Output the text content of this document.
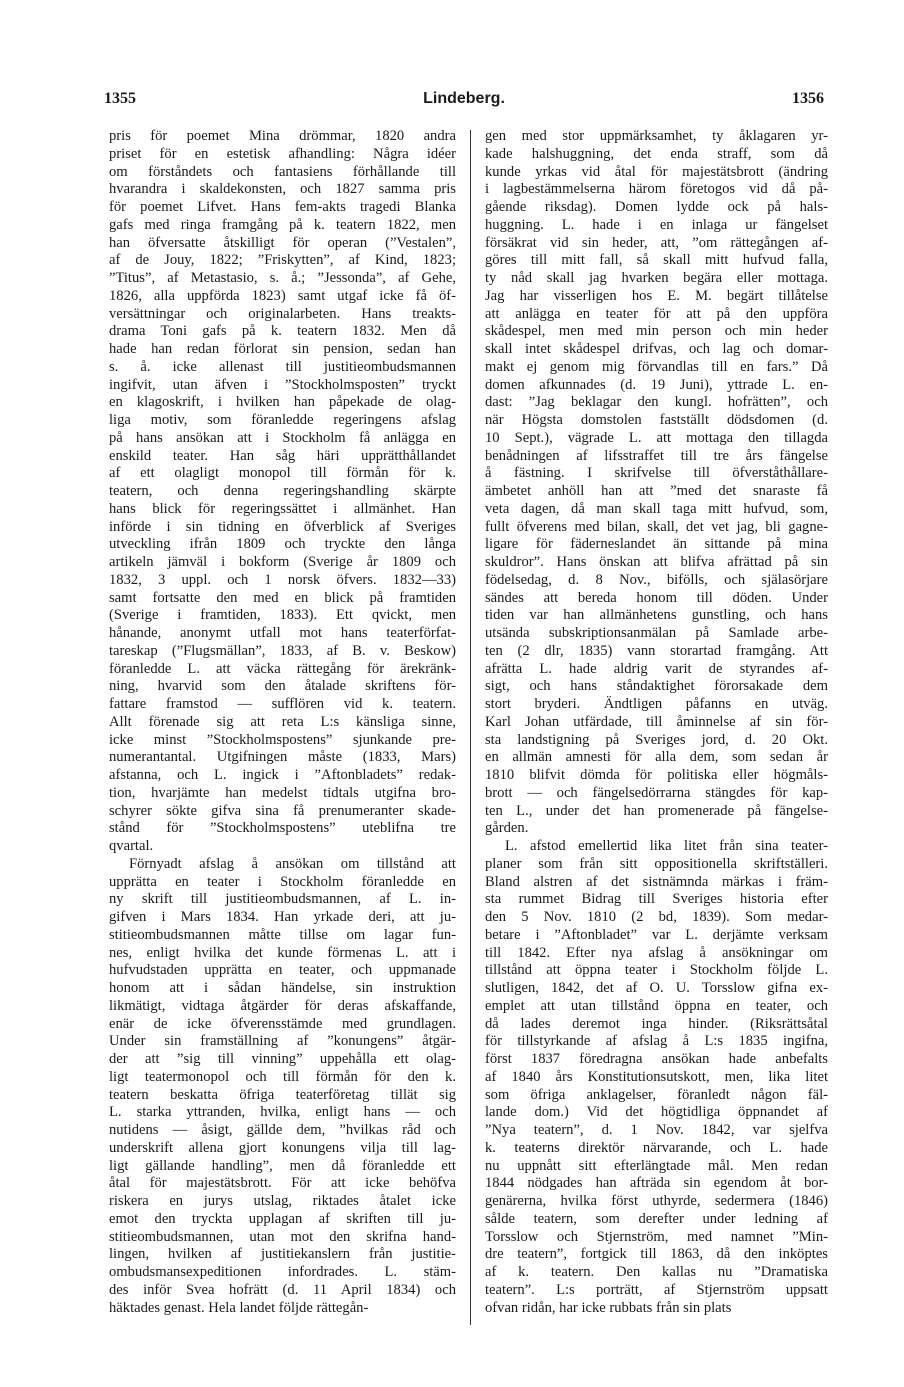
1355	Lindeberg.	1356
pris för poemet Mina drömmar, 1820 andra
priset för en estetisk afhandling: Några idéer
om förståndets och fantasiens förhållande till
hvarandra i skaldekonsten, och 1827 samma pris
för poemet Lifvet. Hans fem-akts tragedi Blanka
gafs med ringa framgång på k. teatern 1822, men
han öfversatte åtskilligt för operan (”Vestalen”,
af de Jouy, 1822; ”Friskytten”, af Kind, 1823;
”Titus”, af Metastasio, s. å.; ”Jessonda”, af Gehe,
1826, alla uppförda 1823) samt utgaf icke få öf-
versättningar och originalarbeten. Hans treakts-
drama Toni gafs på k. teatern 1832. Men då
hade han redan förlorat sin pension, sedan han
s. å. icke allenast till justitieombudsmannen
ingifvit, utan äfven i ”Stockholmsposten” tryckt
en klagoskrift, i hvilken han påpekade de olag-
liga motiv, som föranledde regeringens afslag
på hans ansökan att i Stockholm få anlägga en
enskild teater. Han såg häri upprätthållandet
af ett olagligt monopol till förmån för k.
teatern, och denna regeringshandling skärpte
hans blick för regeringssättet i allmänhet. Han
införde i sin tidning en öfverblick af Sveriges
utveckling ifrån 1809 och tryckte den långa
artikeln jämväl i bokform (Sverige år 1809 och
1832, 3 uppl. och 1 norsk öfvers. 1832—33)
samt fortsatte den med en blick på framtiden
(Sverige i framtiden, 1833). Ett qvickt, men
hånande, anonymt utfall mot hans teaterförfat-
tareskap (”Flugsmällan”, 1833, af B. v. Beskow)
föranledde L. att väcka rättegång för ärekränk-
ning, hvarvid som den åtalade skriftens för-
fattare framstod — sufflören vid k. teatern.
Allt förenade sig att reta L:s känsliga sinne,
icke minst ”Stockholmspostens” sjunkande pre-
numerantantal. Utgifningen måste (1833, Mars)
afstanna, och L. ingick i ”Aftonbladets” redak-
tion, hvarjämte han medelst tidtals utgifna bro-
schyrer sökte gifva sina få prenumeranter skade-
stånd för ”Stockholmspostens” uteblifna tre
qvartal.
Förnyadt afslag å ansökan om tillstånd att
upprätta en teater i Stockholm föranledde en
ny skrift till justitieombudsmannen, af L. in-
gifven i Mars 1834. Han yrkade deri, att ju-
stitieombudsmannen måtte tillse om lagar fun-
nes, enligt hvilka det kunde förmenas L. att i
hufvudstaden upprätta en teater, och uppmanade
honom att i sådan händelse, sin instruktion
likmätigt, vidtaga åtgärder för deras afskaffande,
enär de icke öfverensstämde med grundlagen.
Under sin framställning af ”konungens” åtgär-
der att ”sig till vinning” uppehålla ett olag-
ligt teatermonopol och till förmån för den k.
teatern beskatta öfriga teaterföretag tillät sig
L. starka yttranden, hvilka, enligt hans — och
nutidens — åsigt, gällde dem, ”hvilkas råd och
underskrift allena gjort konungens vilja till lag-
ligt gällande handling”, men då föranledde ett
åtal för majestätsbrott. För att icke behöfva
riskera en jurys utslag, riktades åtalet icke
emot den tryckta upplagan af skriften till ju-
stitieombudsmannen, utan mot den skrifna hand-
lingen, hvilken af justitiekanslern från justitie-
ombudsmansexpeditionen infordrades. L. stäm-
des inför Svea hofrätt (d. 11 April 1834) och
häktades genast. Hela landet följde rättegån-
gen med stor uppmärksamhet, ty åklagaren yr-
kade halshuggning, det enda straff, som då
kunde yrkas vid åtal för majestätsbrott (ändring
i lagbestämmelserna härom företogos vid då på-
gående riksdag). Domen lydde ock på hals-
huggning. L. hade i en inlaga ur fängelset
försäkrat vid sin heder, att, ”om rättegången af-
göres till mitt fall, så skall mitt hufvud falla,
ty nåd skall jag hvarken begära eller mottaga.
Jag har visserligen hos E. M. begärt tillåtelse
att anlägga en teater för att på den uppföra
skådespel, men med min person och min heder
skall intet skådespel drifvas, och lag och domar-
makt ej genom mig förvandlas till en fars.” Då
domen afkunnades (d. 19 Juni), yttrade L. en-
dast: ”Jag beklagar den kungl. hofrätten”, och
när Högsta domstolen fastställt dödsdomen (d.
10 Sept.), vägrade L. att mottaga den tillagda
benådningen af lifsstraffet till tre års fängelse
å fästning. I skrifvelse till öfverståthållare-
ämbetet anhöll han att ”med det snaraste få
veta dagen, då man skall taga mitt hufvud, som,
fullt öfverens med bilan, skall, det vet jag, bli gagne-
ligare för fäderneslandet än sittande på mina
skuldror”. Hans önskan att blifva afrättad på sin
födelsedag, d. 8 Nov., bifölls, och själasörjare
sändes att bereda honom till döden. Under
tiden var han allmänhetens gunstling, och hans
utsända subskriptionsanmälan på Samlade arbe-
ten (2 dlr, 1835) vann storartad framgång. Att
afrätta L. hade aldrig varit de styrandes af-
sigt, och hans ståndaktighet förorsakade dem
stort bryderi. Ändtligen påfanns en utväg.
Karl Johan utfärdade, till åminnelse af sin för-
sta landstigning på Sveriges jord, d. 20 Okt.
en allmän amnesti för alla dem, som sedan år
1810 blifvit dömda för politiska eller högmåls-
brott — och fängelsedörrarna stängdes för kap-
ten L., under det han promenerade på fängelse-
gården.
L. afstod emellertid lika litet från sina teater-
planer som från sitt oppositionella skriftställeri.
Bland alstren af det sistnämnda märkas i främ-
sta rummet Bidrag till Sveriges historia efter
den 5 Nov. 1810 (2 bd, 1839). Som medar-
betare i ”Aftonbladet” var L. derjämte verksam
till 1842. Efter nya afslag å ansökningar om
tillstånd att öppna teater i Stockholm följde L.
slutligen, 1842, det af O. U. Torsslow gifna ex-
emplet att utan tillstånd öppna en teater, och
då lades deremot inga hinder. (Riksrättsåtal
för tillstyrkande af afslag å L:s 1835 ingifna,
först 1837 föredragna ansökan hade anbefalts
af 1840 års Konstitutionsutskott, men, lika litet
som öfriga anklagelser, föranledt någon fäl-
lande dom.) Vid det högtidliga öppnandet af
”Nya teatern”, d. 1 Nov. 1842, var sjelfva
k. teaterns direktör närvarande, och L. hade
nu uppnått sitt efterlängtade mål. Men redan
1844 nödgades han afträda sin egendom åt bor-
genärerna, hvilka först uthyrde, sedermera (1846)
sålde teatern, som derefter under ledning af
Torsslow och Stjernström, med namnet ”Min-
dre teatern”, fortgick till 1863, då den inköptes
af k. teatern. Den kallas nu ”Dramatiska
teatern”. L:s porträtt, af Stjernström uppsatt
ofvan ridån, har icke rubbats från sin plats
